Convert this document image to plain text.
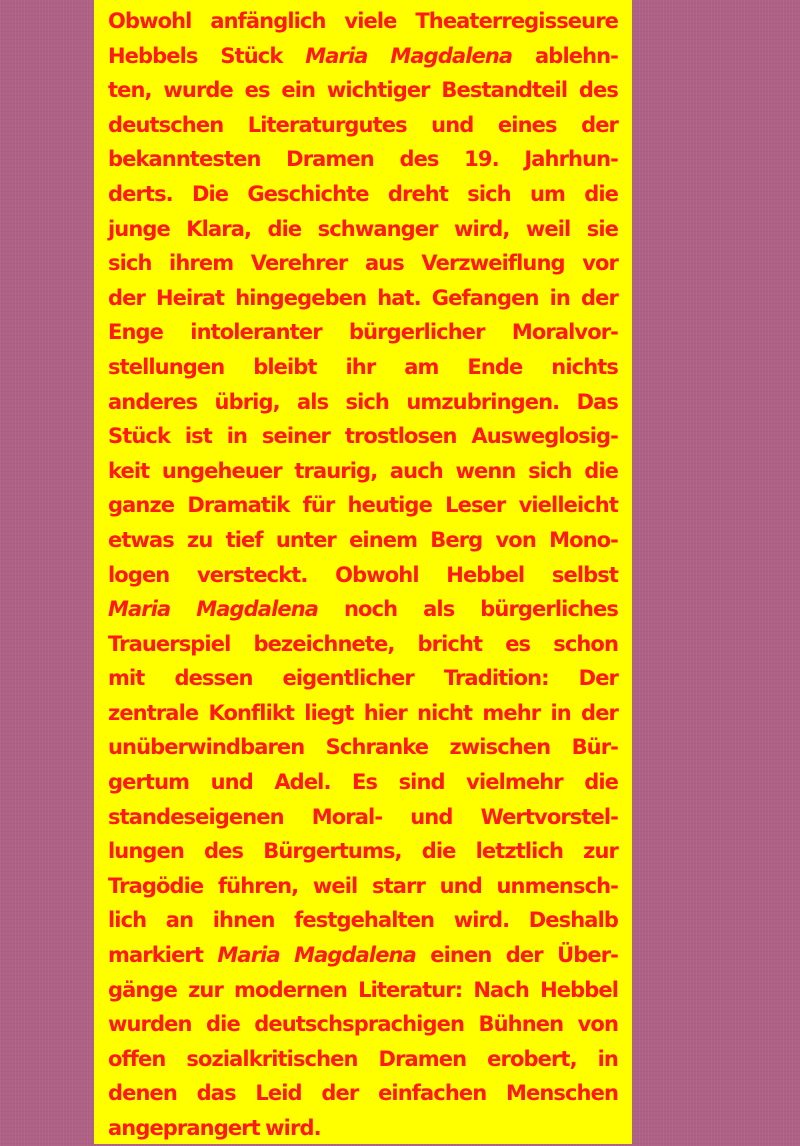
Obwohl anfänglich viele Theaterregisseure
Hebbels Stück Maria Magdalena ablehn-
ten, wurde es ein wichtiger Bestandteil des
deutschen Literaturgutes und eines der
bekanntesten Dramen des 19. Jahrhun-
derts. Die Geschichte dreht sich um die
junge Klara, die schwanger wird, weil sie
sich ihrem Verehrer aus Verzweiflung vor
der Heirat hingegeben hat. Gefangen in der
Enge intoleranter bürgerlicher Moralvor-
stellungen bleibt ihr am Ende nichts
anderes übrig, als sich umzubringen. Das
Stück ist in seiner trostlosen Ausweglosig-
keit ungeheuer traurig, auch wenn sich die
ganze Dramatik für heutige Leser vielleicht
etwas zu tief unter einem Berg von Mono-
logen versteckt. Obwohl Hebbel selbst
Maria Magdalena noch als bürgerliches
Trauerspiel bezeichnete, bricht es schon
mit dessen eigentlicher Tradition: Der
zentrale Konflikt liegt hier nicht mehr in der
unüberwindbaren Schranke zwischen Bür-
gertum und Adel. Es sind vielmehr die
standeseigenen Moral- und Wertvorstel-
lungen des Bürgertums, die letztlich zur
Tragödie führen, weil starr und unmensch-
lich an ihnen festgehalten wird. Deshalb
markiert Maria Magdalena einen der Über-
gänge zur modernen Literatur: Nach Hebbel
wurden die deutschsprachigen Bühnen von
offen sozialkritischen Dramen erobert, in
denen das Leid der einfachen Menschen
angeprangert wird.
